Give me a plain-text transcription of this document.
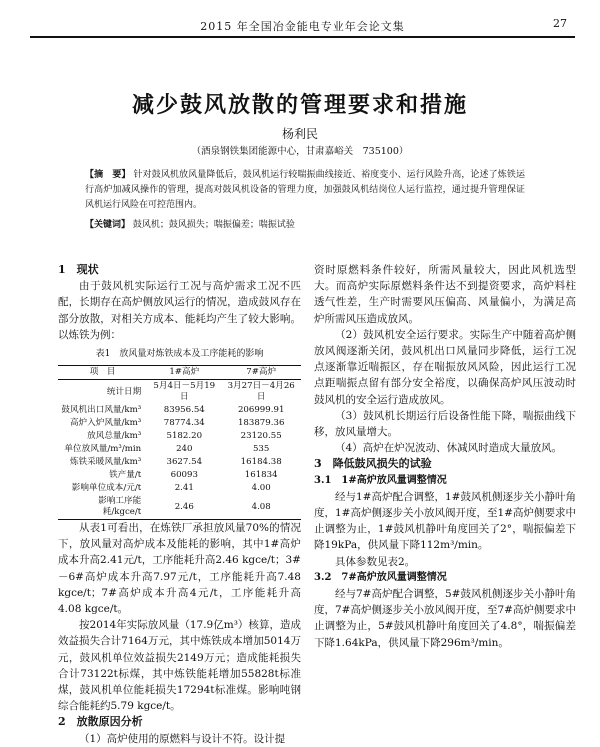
2015 年全国冶金能电专业年会论文集	27
减少鼓风放散的管理要求和措施
杨利民
（酒泉钢铁集团能源中心，甘肃嘉峪关　735100）
【摘　要】 针对鼓风机放风量降低后，鼓风机运行较喘振曲线接近、裕度变小、运行风险升高，论述了炼铁运行高炉加减风操作的管理，提高对鼓风机设备的管理力度，加强鼓风机结岗位人运行监控，通过提升管理保证风机运行风险在可控范围内。
【关键词】 鼓风机；鼓风损失；喘振偏差；喘振试验

1　现状

由于鼓风机实际运行工况与高炉需求工况不匹配，长期存在高炉侧放风运行的情况，造成鼓风存在部分放散，对相关方成本、能耗均产生了较大影响。以炼铁为例：

表1　放风量对炼铁成本及工序能耗的影响
项　目	1#高炉	7#高炉
统计日期	5月4日－5月19日	3月27日－4月26日
鼓风机出口风量/km³	83956.54	206999.91
高炉入炉风量/km³	78774.34	183879.36
放风总量/km³	5182.20	23120.55
单位放风量/m³/min	240	535
炼铁采暖风量/km³	3627.54	16184.38
铁产量/t	60093	161834
影响单位成本/元/t	2.41	4.00
影响工序能耗/kgce/t	2.46	4.08

从表1可看出，在炼铁厂承担放风量70%的情况下，放风量对高炉成本及能耗的影响，其中1#高炉成本升高2.41元/t，工序能耗升高2.46 kgce/t；3#－6#高炉成本升高7.97元/t，工序能耗升高7.48 kgce/t；7#高炉成本升高4元/t，工序能耗升高4.08 kgce/t。

按2014年实际放风量（17.9亿m³）核算，造成效益损失合计7164万元，其中炼铁成本增加5014万元，鼓风机单位效益损失2149万元；造成能耗损失合计73122t标煤，其中炼铁能耗增加55828t标准煤，鼓风机单位能耗损失17294t标准煤。影响吨钢综合能耗约5.79 kgce/t。

2　放散原因分析

（1）高炉使用的原燃料与设计不符。设计提

资时原燃料条件较好，所需风量较大，因此风机选型大。而高炉实际原燃料条件达不到提资要求，高炉料柱透气性差，生产时需要风压偏高、风量偏小，为满足高炉所需风压造成放风。

（2）鼓风机安全运行要求。实际生产中随着高炉侧放风阀逐渐关闭，鼓风机出口风量同步降低，运行工况点逐渐靠近喘振区，存在喘振放风风险，因此运行工况点距喘振点留有部分安全裕度，以确保高炉风压波动时鼓风机的安全运行造成放风。

（3）鼓风机长期运行后设备性能下降，喘振曲线下移，放风量增大。

（4）高炉在炉况波动、休减风时造成大量放风。

3　降低鼓风损失的试验

3.1　1#高炉放风量调整情况

经与1#高炉配合调整，1#鼓风机侧逐步关小静叶角度，1#高炉侧逐步关小放风阀开度，至1#高炉侧要求中止调整为止，1#鼓风机静叶角度回关了2°，喘振偏差下降19kPa，供风量下降112m³/min。

具体参数见表2。

3.2　7#高炉放风量调整情况

经与7#高炉配合调整，5#鼓风机侧逐步关小静叶角度，7#高炉侧逐步关小放风阀开度，至7#高炉侧要求中止调整为止，5#鼓风机静叶角度回关了4.8°，喘振偏差下降1.64kPa，供风量下降296m³/min。
